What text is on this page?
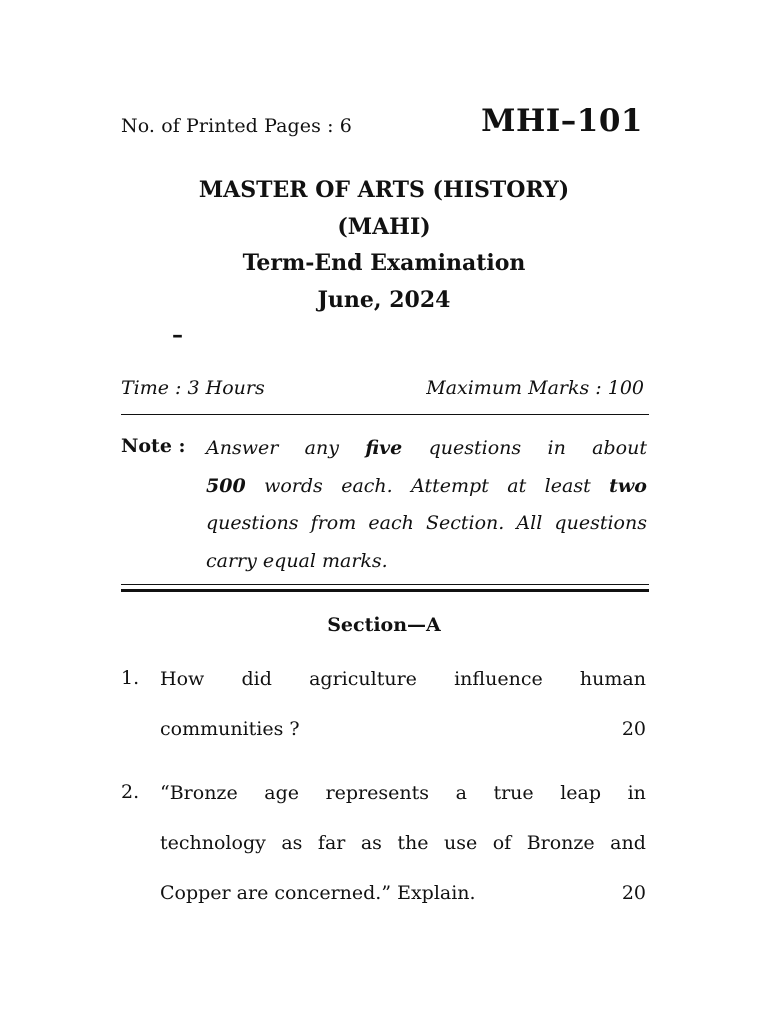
No. of Printed Pages : 6	MHI–101
MASTER OF ARTS (HISTORY)
(MAHI)
Term-End Examination
June, 2024
–
Time : 3 Hours	Maximum Marks : 100
Note : Answer any five questions in about
500 words each. Attempt at least two
questions from each Section. All questions
carry equal marks.
Section—A
1. How did agriculture influence human
communities ?	20
2. “Bronze age represents a true leap in
technology as far as the use of Bronze and
Copper are concerned.” Explain.	20
